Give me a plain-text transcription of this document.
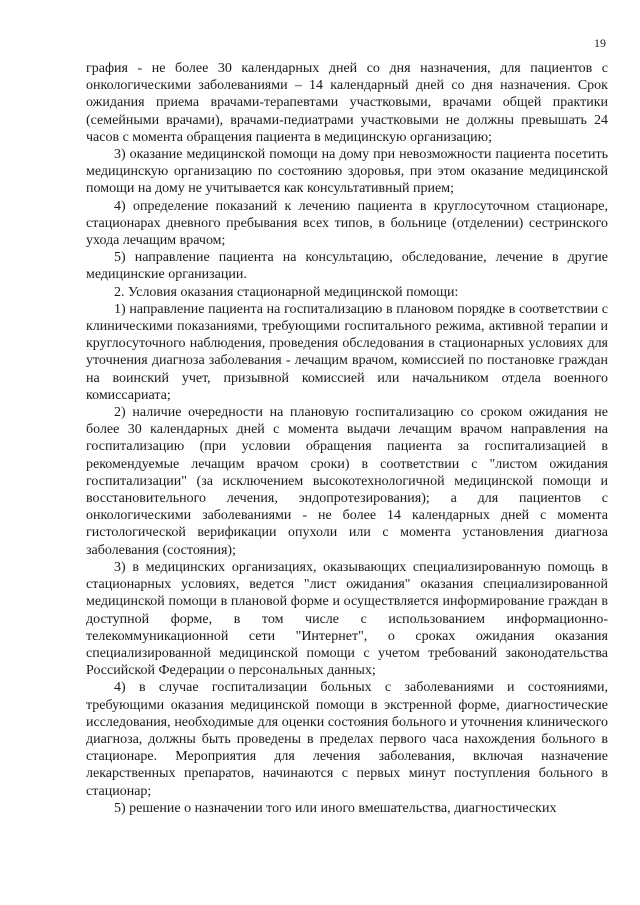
19

графия - не более 30 календарных дней со дня назначения, для пациентов с онкологическими заболеваниями – 14 календарный дней со дня назначения. Срок ожидания приема врачами-терапевтами участковыми, врачами общей практики (семейными врачами), врачами-педиатрами участковыми не должны превышать 24 часов с момента обращения пациента в медицинскую организацию;

3) оказание медицинской помощи на дому при невозможности пациента посетить медицинскую организацию по состоянию здоровья, при этом оказание медицинской помощи на дому не учитывается как консультативный прием;

4) определение показаний к лечению пациента в круглосуточном стационаре, стационарах дневного пребывания всех типов, в больнице (отделении) сестринского ухода лечащим врачом;

5) направление пациента на консультацию, обследование, лечение в другие медицинские организации.

2. Условия оказания стационарной медицинской помощи:

1) направление пациента на госпитализацию в плановом порядке в соответствии с клиническими показаниями, требующими госпитального режима, активной терапии и круглосуточного наблюдения, проведения обследования в стационарных условиях для уточнения диагноза заболевания - лечащим врачом, комиссией по постановке граждан на воинский учет, призывной комиссией или начальником отдела военного комиссариата;

2) наличие очередности на плановую госпитализацию со сроком ожидания не более 30 календарных дней с момента выдачи лечащим врачом направления на госпитализацию (при условии обращения пациента за госпитализацией в рекомендуемые лечащим врачом сроки) в соответствии с "листом ожидания госпитализации" (за исключением высокотехнологичной медицинской помощи и восстановительного лечения, эндопротезирования); а для пациентов с онкологическими заболеваниями - не более 14 календарных дней с момента гистологической верификации опухоли или с момента установления диагноза заболевания (состояния);

3) в медицинских организациях, оказывающих специализированную помощь в стационарных условиях, ведется "лист ожидания" оказания специализированной медицинской помощи в плановой форме и осуществляется информирование граждан в доступной форме, в том числе с использованием информационно-телекоммуникационной сети "Интернет", о сроках ожидания оказания специализированной медицинской помощи с учетом требований законодательства Российской Федерации о персональных данных;

4) в случае госпитализации больных с заболеваниями и состояниями, требующими оказания медицинской помощи в экстренной форме, диагностические исследования, необходимые для оценки состояния больного и уточнения клинического диагноза, должны быть проведены в пределах первого часа нахождения больного в стационаре. Мероприятия для лечения заболевания, включая назначение лекарственных препаратов, начинаются с первых минут поступления больного в стационар;

5) решение о назначении того или иного вмешательства, диагностических
